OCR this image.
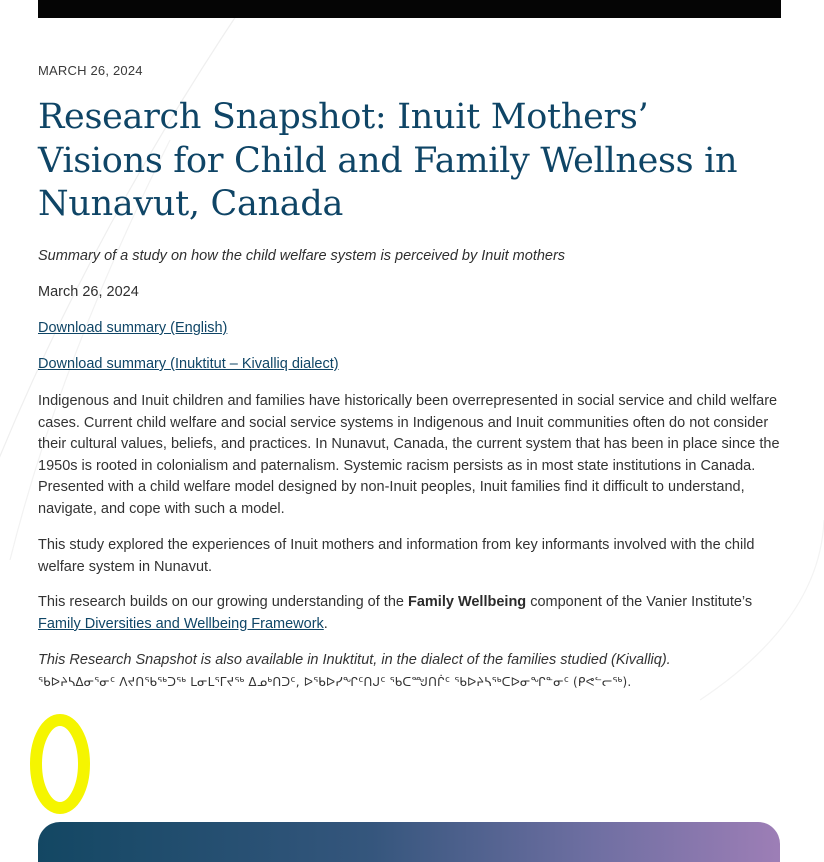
MARCH 26, 2024
Research Snapshot: Inuit Mothers’ Visions for Child and Family Wellness in Nunavut, Canada
Summary of a study on how the child welfare system is perceived by Inuit mothers
March 26, 2024
Download summary (English)
Download summary (Inuktitut – Kivalliq dialect)

Indigenous and Inuit children and families have historically been overrepresented in social service and child welfare cases. Current child welfare and social service systems in Indigenous and Inuit communities often do not consider their cultural values, beliefs, and practices. In Nunavut, Canada, the current system that has been in place since the 1950s is rooted in colonialism and paternalism. Systemic racism persists as in most state institutions in Canada. Presented with a child welfare model designed by non-Inuit peoples, Inuit families find it difficult to understand, navigate, and cope with such a model.

This study explored the experiences of Inuit mothers and information from key informants involved with the child welfare system in Nunavut.

This research builds on our growing understanding of the Family Wellbeing component of the Vanier Institute’s Family Diversities and Wellbeing Framework.

This Research Snapshot is also available in Inuktitut, in the dialect of the families studied (Kivalliq).

ᖃᐅᔨᓴᐃᓂᕐᓂᑦ ᐱᔪᑎᖃᖅᑐᖅ ᒪᓂᒪᕐᒥᔪᖅ ᐃᓄᒃᑎᑐᑦ, ᐅᖃᐅᓯᖏᑦᑎᒍᑦ ᖃᑕᙳᑎᒌᑦ ᖃᐅᔨᓴᖅᑕᐅᓂᖏᓐᓂᑦ (ᑭᕙᓪᓕᖅ).
